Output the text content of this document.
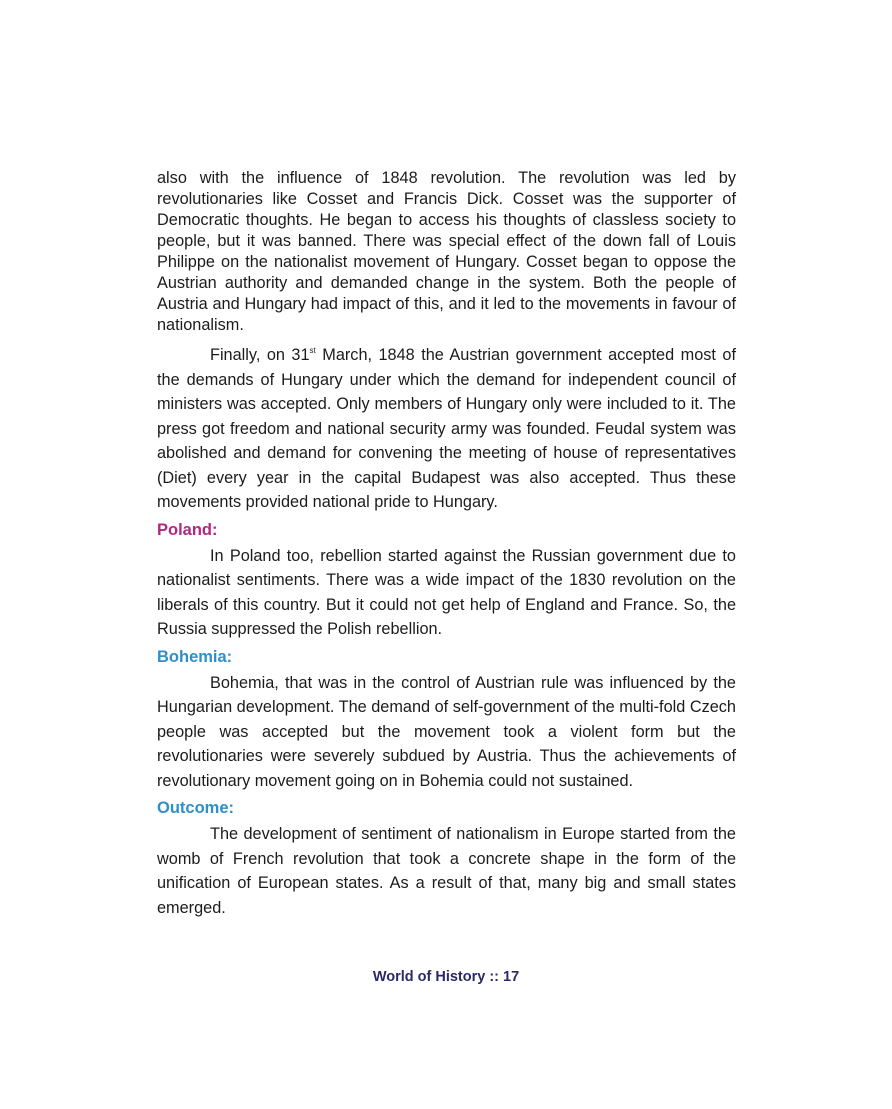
also with the influence of 1848 revolution. The revolution was led by revolutionaries like Cosset and Francis Dick. Cosset was the supporter of Democratic thoughts. He began to access his thoughts of classless society to people, but it was banned. There was special effect of the down fall of Louis Philippe on the nationalist movement of Hungary. Cosset began to oppose the Austrian authority and demanded change in the system. Both the people of Austria and Hungary had impact of this, and it led to the movements in favour of nationalism.

Finally, on 31st March, 1848 the Austrian government accepted most of the demands of Hungary under which the demand for independent council of ministers was accepted. Only members of Hungary only were included to it. The press got freedom and national security army was founded. Feudal system was abolished and demand for convening the meeting of house of representatives (Diet) every year in the capital Budapest was also accepted. Thus these movements provided national pride to Hungary.

Poland:

In Poland too, rebellion started against the Russian government due to nationalist sentiments. There was a wide impact of the 1830 revolution on the liberals of this country. But it could not get help of England and France. So, the Russia suppressed the Polish rebellion.

Bohemia:

Bohemia, that was in the control of Austrian rule was influenced by the Hungarian development. The demand of self-government of the multi-fold Czech people was accepted but the movement took a violent form but the revolutionaries were severely subdued by Austria. Thus the achievements of revolutionary movement going on in Bohemia could not sustained.

Outcome:

The development of sentiment of nationalism in Europe started from the womb of French revolution that took a concrete shape in the form of the unification of European states. As a result of that, many big and small states emerged.

World of History :: 17
